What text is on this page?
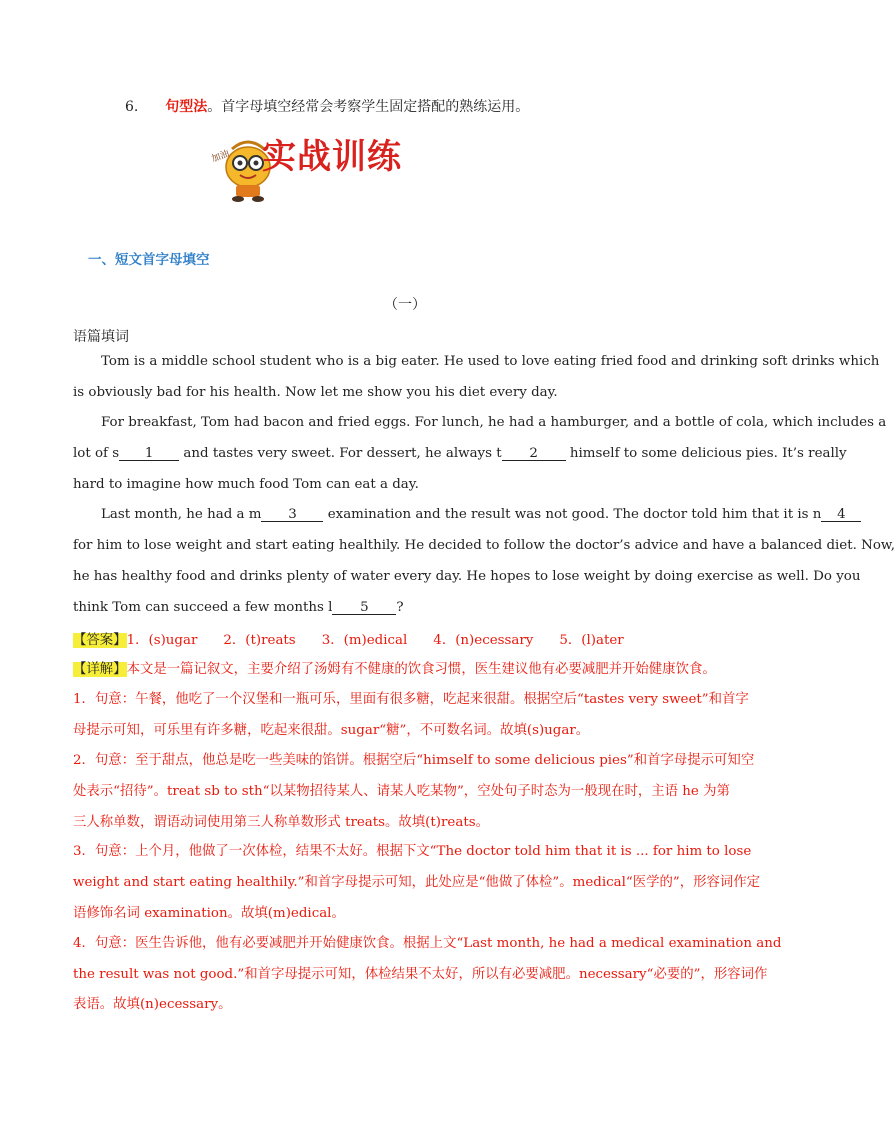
6. 句型法。首字母填空经常会考察学生固定搭配的熟练运用。
加油 实战训练
一、短文首字母填空
（一）
语篇填词
Tom is a middle school student who is a big eater. He used to love eating fried food and drinking soft drinks which
is obviously bad for his health. Now let me show you his diet every day.
For breakfast, Tom had bacon and fried eggs. For lunch, he had a hamburger, and a bottle of cola, which includes a
lot of s 1 and tastes very sweet. For dessert, he always t 2 himself to some delicious pies. It’s really
hard to imagine how much food Tom can eat a day.
Last month, he had a m 3 examination and the result was not good. The doctor told him that it is n 4
for him to lose weight and start eating healthily. He decided to follow the doctor’s advice and have a balanced diet. Now,
he has healthy food and drinks plenty of water every day. He hopes to lose weight by doing exercise as well. Do you
think Tom can succeed a few months l 5 ?
【答案】1．(s)ugar 2．(t)reats 3．(m)edical 4．(n)ecessary 5．(l)ater
【详解】本文是一篇记叙文，主要介绍了汤姆有不健康的饮食习惯，医生建议他有必要减肥并开始健康饮食。
1．句意：午餐，他吃了一个汉堡和一瓶可乐，里面有很多糖，吃起来很甜。根据空后“tastes very sweet”和首字
母提示可知，可乐里有许多糖，吃起来很甜。sugar“糖”，不可数名词。故填(s)ugar。
2．句意：至于甜点，他总是吃一些美味的馅饼。根据空后“himself to some delicious pies”和首字母提示可知空
处表示“招待”。treat sb to sth“以某物招待某人、请某人吃某物”，空处句子时态为一般现在时，主语 he 为第
三人称单数，谓语动词使用第三人称单数形式 treats。故填(t)reats。
3．句意：上个月，他做了一次体检，结果不太好。根据下文“The doctor told him that it is ... for him to lose
weight and start eating healthily.”和首字母提示可知，此处应是“他做了体检”。medical“医学的”，形容词作定
语修饰名词 examination。故填(m)edical。
4．句意：医生告诉他，他有必要减肥并开始健康饮食。根据上文“Last month, he had a medical examination and
the result was not good.”和首字母提示可知，体检结果不太好，所以有必要减肥。necessary“必要的”，形容词作
表语。故填(n)ecessary。
